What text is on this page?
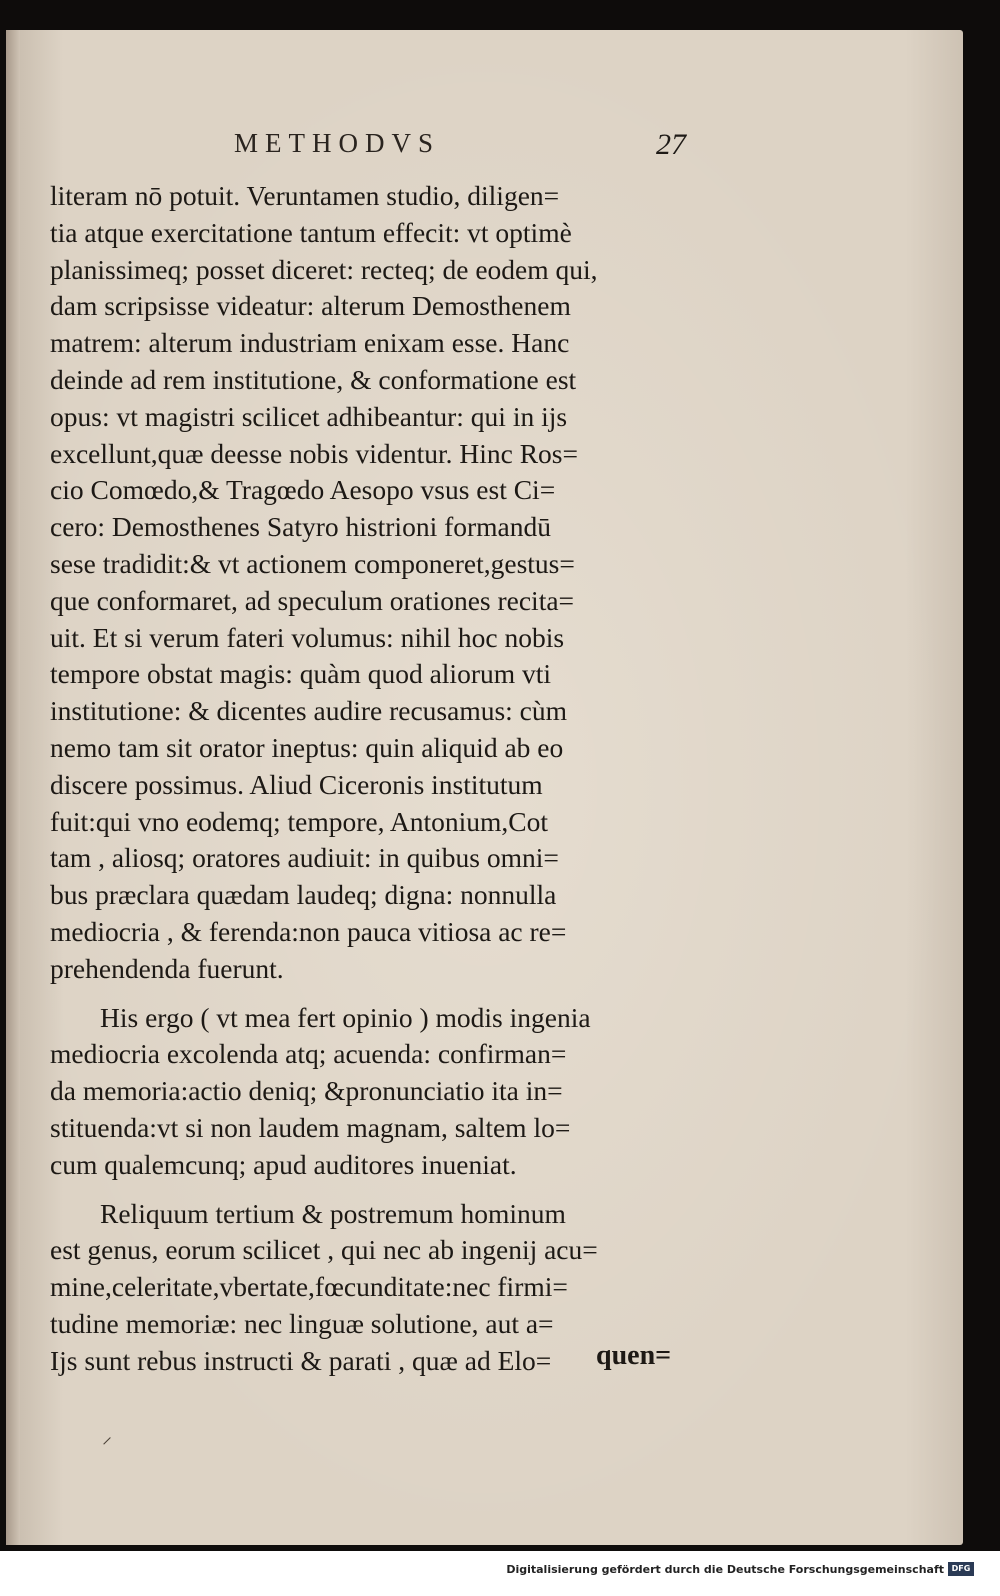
METHODVS	27
literam nō potuit. Veruntamen studio, diligen=
tia atque exercitatione tantum effecit: vt optimè
planissimeq; posset diceret: recteq; de eodem qui,
dam scripsisse videatur: alterum Demosthenem
matrem: alterum industriam enixam esse. Hanc
deinde ad rem institutione, & conformatione est
opus: vt magistri scilicet adhibeantur: qui in ijs
excellunt,quæ deesse nobis videntur. Hinc Ros=
cio Comœdo,& Tragœdo Aesopo vsus est Ci=
cero: Demosthenes Satyro histrioni formandū
sese tradidit:& vt actionem componeret,gestus=
que conformaret, ad speculum orationes recita=
uit. Et si verum fateri volumus: nihil hoc nobis
tempore obstat magis: quàm quod aliorum vti
institutione: & dicentes audire recusamus: cùm
nemo tam sit orator ineptus: quin aliquid ab eo
discere possimus. Aliud Ciceronis institutum
fuit:qui vno eodemq; tempore, Antonium,Cot
tam , aliosq; oratores audiuit: in quibus omni=
bus præclara quædam laudeq; digna: nonnulla
mediocria , & ferenda:non pauca vitiosa ac re=
prehendenda fuerunt.
His ergo ( vt mea fert opinio ) modis ingenia
mediocria excolenda atq; acuenda: confirman=
da memoria:actio deniq; &pronunciatio ita in=
stituenda:vt si non laudem magnam, saltem lo=
cum qualemcunq; apud auditores inueniat.
Reliquum tertium & postremum hominum
est genus, eorum scilicet , qui nec ab ingenij acu=
mine,celeritate,vbertate,fœcunditate:nec firmi=
tudine memoriæ: nec linguæ solutione, aut a=
Ijs sunt rebus instructi & parati , quæ ad Elo=	quen=
⸝
Digitalisierung gefördert durch die Deutsche Forschungsgemeinschaft DFG
